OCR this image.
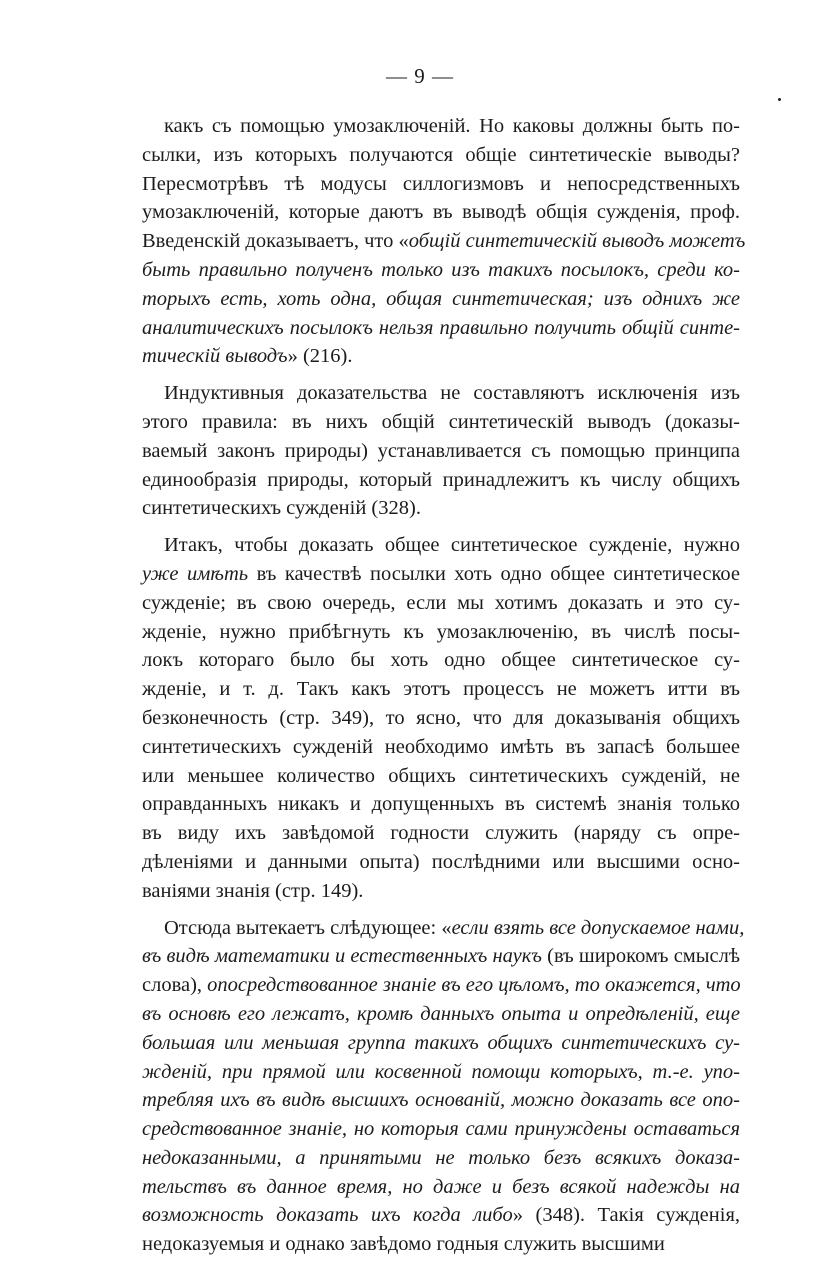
— 9 —
какъ съ помощью умозаключеній. Но каковы должны быть по-
сылки, изъ которыхъ получаются общіе синтетическіе выводы?
Пересмотрѣвъ тѣ модусы силлогизмовъ и непосредственныхъ
умозаключеній, которые даютъ въ выводѣ общія сужденія, проф.
Введенскій доказываетъ, что «общій синтетическій выводъ можетъ
быть правильно полученъ только изъ такихъ посылокъ, среди ко-
торыхъ есть, хоть одна, общая синтетическая; изъ однихъ же
аналитическихъ посылокъ нельзя правильно получить общій синте-
тическій выводъ» (216).
Индуктивныя доказательства не составляютъ исключенія изъ
этого правила: въ нихъ общій синтетическій выводъ (доказы-
ваемый законъ природы) устанавливается съ помощью принципа
единообразія природы, который принадлежитъ къ числу общихъ
синтетическихъ сужденій (328).
Итакъ, чтобы доказать общее синтетическое сужденіе, нужно
уже имѣть въ качествѣ посылки хоть одно общее синтетическое
сужденіе; въ свою очередь, если мы хотимъ доказать и это су-
жденіе, нужно прибѣгнуть къ умозаключенію, въ числѣ посы-
локъ котораго было бы хоть одно общее синтетическое су-
жденіе, и т. д. Такъ какъ этотъ процессъ не можетъ итти въ
безконечность (стр. 349), то ясно, что для доказыванія общихъ
синтетическихъ сужденій необходимо имѣть въ запасѣ большее
или меньшее количество общихъ синтетическихъ сужденій, не
оправданныхъ никакъ и допущенныхъ въ системѣ знанія только
въ виду ихъ завѣдомой годности служить (наряду съ опре-
дѣленіями и данными опыта) послѣдними или высшими осно-
ваніями знанія (стр. 149).
Отсюда вытекаетъ слѣдующее: «если взять все допускаемое нами,
въ видѣ математики и естественныхъ наукъ (въ широкомъ смыслѣ
слова), опосредствованное знаніе въ его цѣломъ, то окажется, что
въ основѣ его лежатъ, кромѣ данныхъ опыта и опредѣленій, еще
большая или меньшая группа такихъ общихъ синтетическихъ су-
жденій, при прямой или косвенной помощи которыхъ, т.-е. упо-
требляя ихъ въ видѣ высшихъ основаній, можно доказать все опо-
средствованное знаніе, но которыя сами принуждены оставаться
недоказанными, а принятыми не только безъ всякихъ доказа-
тельствъ въ данное время, но даже и безъ всякой надежды на
возможность доказать ихъ когда либо» (348). Такія сужденія,
недоказуемыя и однако завѣдомо годныя служить высшими
